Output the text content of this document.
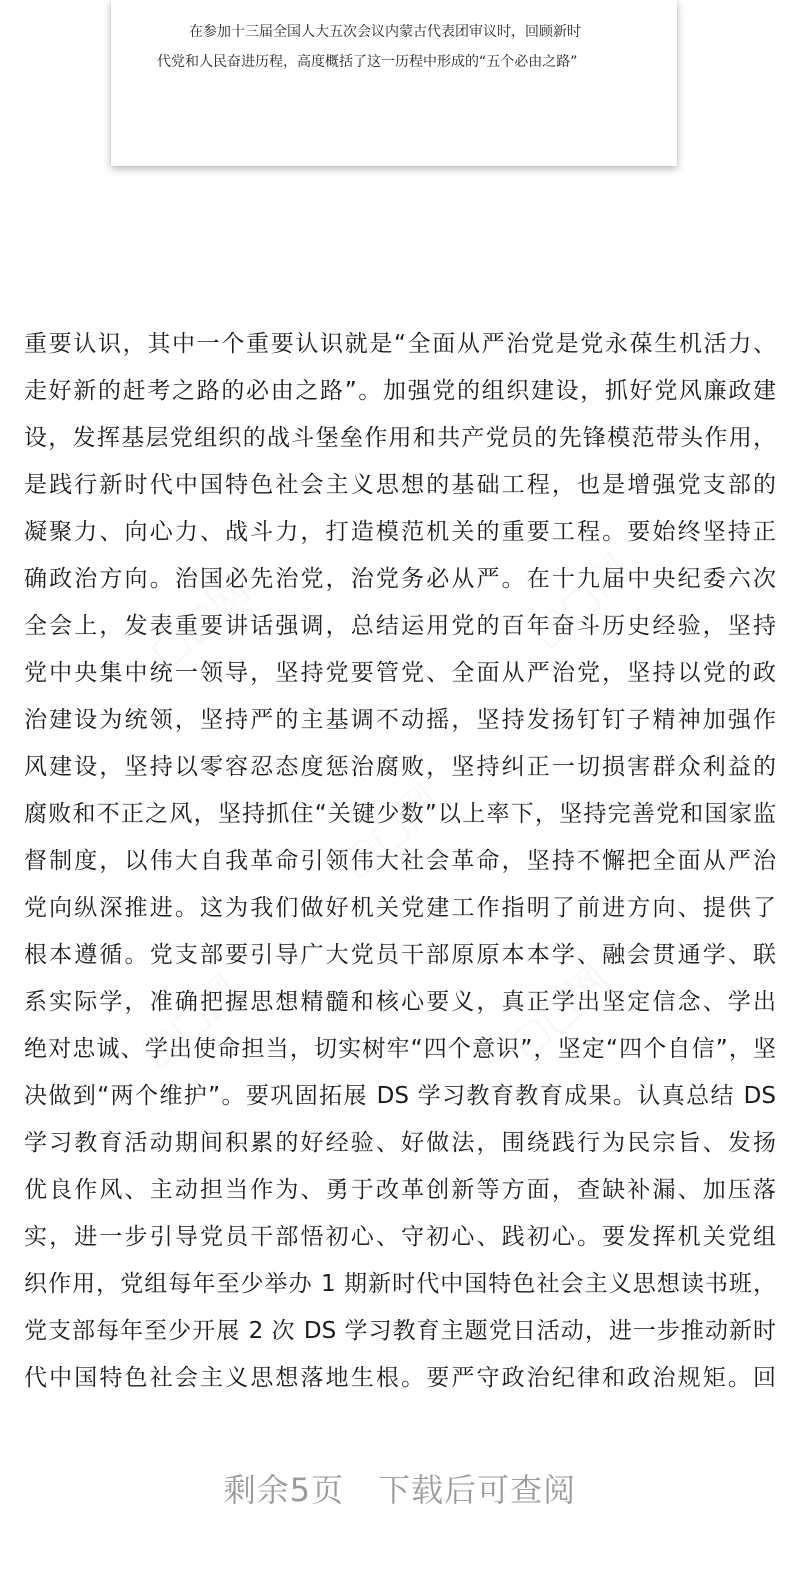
在参加十三届全国人大五次会议内蒙古代表团审议时，回顾新时
代党和人民奋进历程，高度概括了这一历程中形成的“五个必由之路”
重要认识，其中一个重要认识就是“全面从严治党是党永葆生机活力、
走好新的赶考之路的必由之路”。加强党的组织建设，抓好党风廉政建
设，发挥基层党组织的战斗堡垒作用和共产党员的先锋模范带头作用，
是践行新时代中国特色社会主义思想的基础工程，也是增强党支部的
凝聚力、向心力、战斗力，打造模范机关的重要工程。要始终坚持正
确政治方向。治国必先治党，治党务必从严。在十九届中央纪委六次
全会上，发表重要讲话强调，总结运用党的百年奋斗历史经验，坚持
党中央集中统一领导，坚持党要管党、全面从严治党，坚持以党的政
治建设为统领，坚持严的主基调不动摇，坚持发扬钉钉子精神加强作
风建设，坚持以零容忍态度惩治腐败，坚持纠正一切损害群众利益的
腐败和不正之风，坚持抓住“关键少数”以上率下，坚持完善党和国家监
督制度，以伟大自我革命引领伟大社会革命，坚持不懈把全面从严治
党向纵深推进。这为我们做好机关党建工作指明了前进方向、提供了
根本遵循。党支部要引导广大党员干部原原本本学、融会贯通学、联
系实际学，准确把握思想精髓和核心要义，真正学出坚定信念、学出
绝对忠诚、学出使命担当，切实树牢“四个意识”，坚定“四个自信”，坚
决做到“两个维护”。要巩固拓展 DS 学习教育教育成果。认真总结 DS
学习教育活动期间积累的好经验、好做法，围绕践行为民宗旨、发扬
优良作风、主动担当作为、勇于改革创新等方面，查缺补漏、加压落
实，进一步引导党员干部悟初心、守初心、践初心。要发挥机关党组
织作用，党组每年至少举办 1 期新时代中国特色社会主义思想读书班，
党支部每年至少开展 2 次 DS 学习教育主题党日活动，进一步推动新时
代中国特色社会主义思想落地生根。要严守政治纪律和政治规矩。回
▢▢网	▢▢网
▢▢网
▢▢网	▢▢网
剩余5页 下载后可查阅
